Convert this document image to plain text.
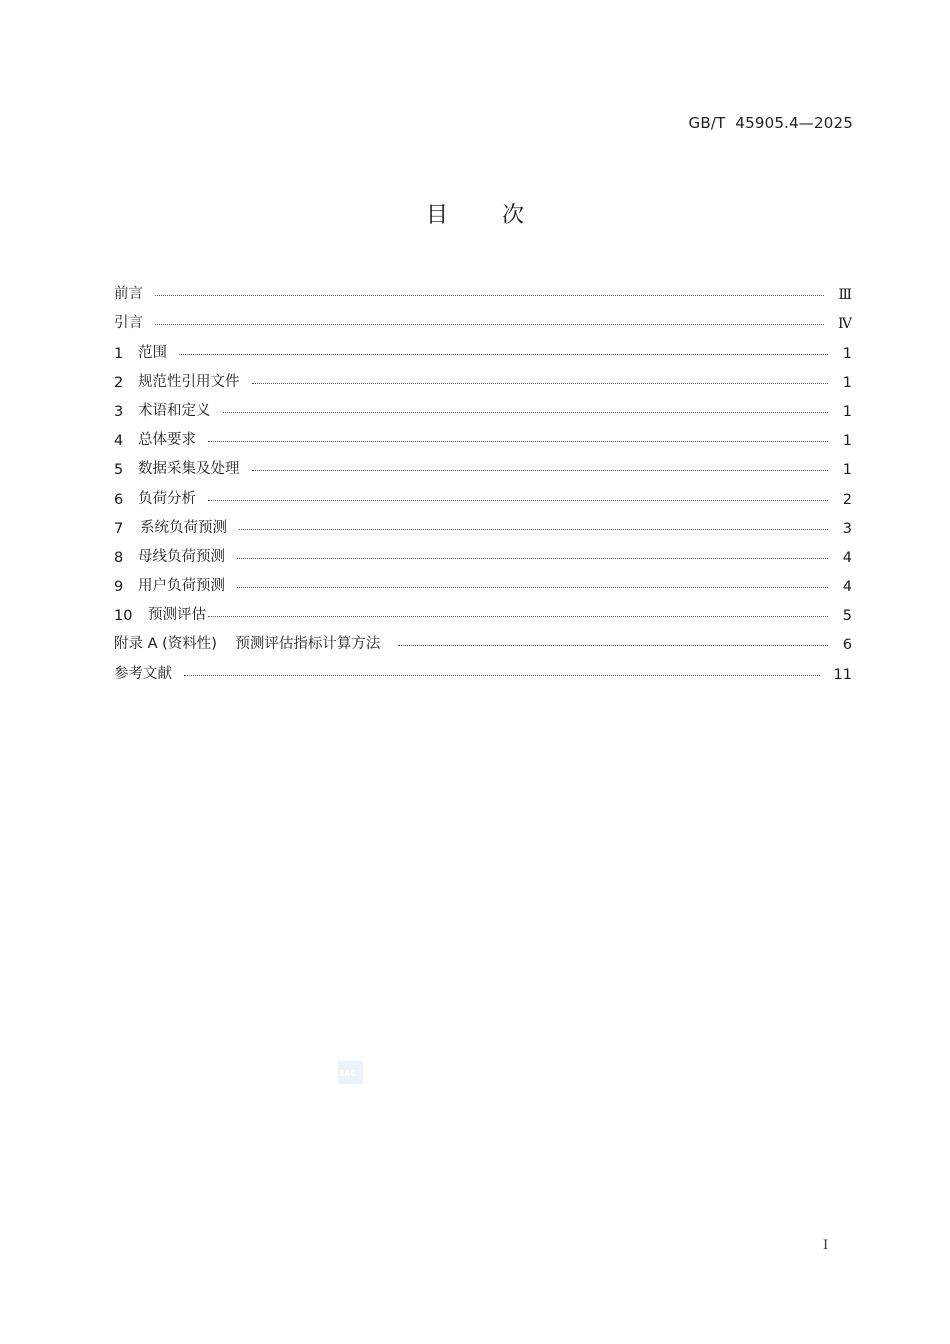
GB/T  45905.4—2025
目 次
前言	Ⅲ
引言	Ⅳ
1	范围	1
2	规范性引用文件	1
3	术语和定义	1
4	总体要求	1
5	数据采集及处理	1
6	负荷分析	2
7	系统负荷预测	3
8	母线负荷预测	4
9	用户负荷预测	4
10	预测评估	5
附录 A (资料性)    预测评估指标计算方法	6
参考文献	11
SAC
I
